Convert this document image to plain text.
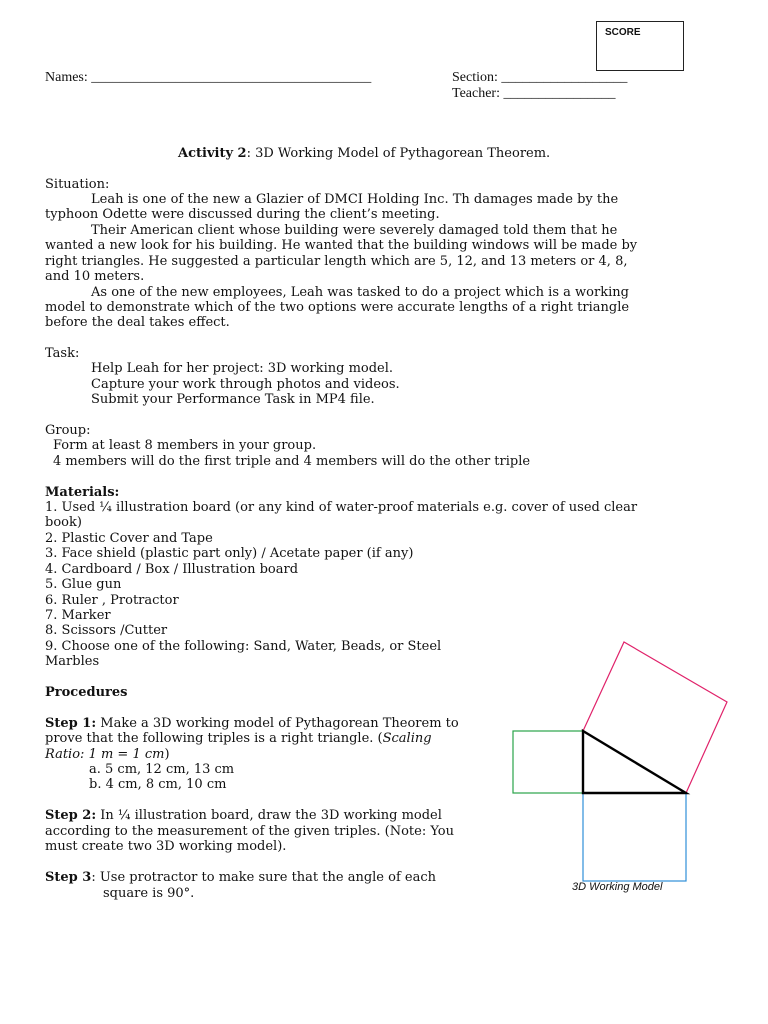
SCORE
Names: ________________________________________	Section: __________________
Teacher: ________________
Activity 2: 3D Working Model of Pythagorean Theorem.
Situation:
Leah is one of the new a Glazier of DMCI Holding Inc. Th damages made by the
typhoon Odette were discussed during the client’s meeting.
Their American client whose building were severely damaged told them that he
wanted a new look for his building. He wanted that the building windows will be made by
right triangles. He suggested a particular length which are 5, 12, and 13 meters or 4, 8,
and 10 meters.
As one of the new employees, Leah was tasked to do a project which is a working
model to demonstrate which of the two options were accurate lengths of a right triangle
before the deal takes effect.
Task:
Help Leah for her project: 3D working model.
Capture your work through photos and videos.
Submit your Performance Task in MP4 file.
Group:
Form at least 8 members in your group.
4 members will do the first triple and 4 members will do the other triple
Materials:
1. Used ¼ illustration board (or any kind of water-proof materials e.g. cover of used clear
book)
2. Plastic Cover and Tape
3. Face shield (plastic part only) / Acetate paper (if any)
4. Cardboard / Box / Illustration board
5. Glue gun
6. Ruler , Protractor
7. Marker
8. Scissors /Cutter
9. Choose one of the following: Sand, Water, Beads, or Steel
Marbles
Procedures
Step 1: Make a 3D working model of Pythagorean Theorem to
prove that the following triples is a right triangle. (Scaling
Ratio: 1 m = 1 cm)
a. 5 cm, 12 cm, 13 cm
b. 4 cm, 8 cm, 10 cm
Step 2: In ¼ illustration board, draw the 3D working model
according to the measurement of the given triples. (Note: You
must create two 3D working model).
Step 3: Use protractor to make sure that the angle of each
square is 90°.	3D Working Model
